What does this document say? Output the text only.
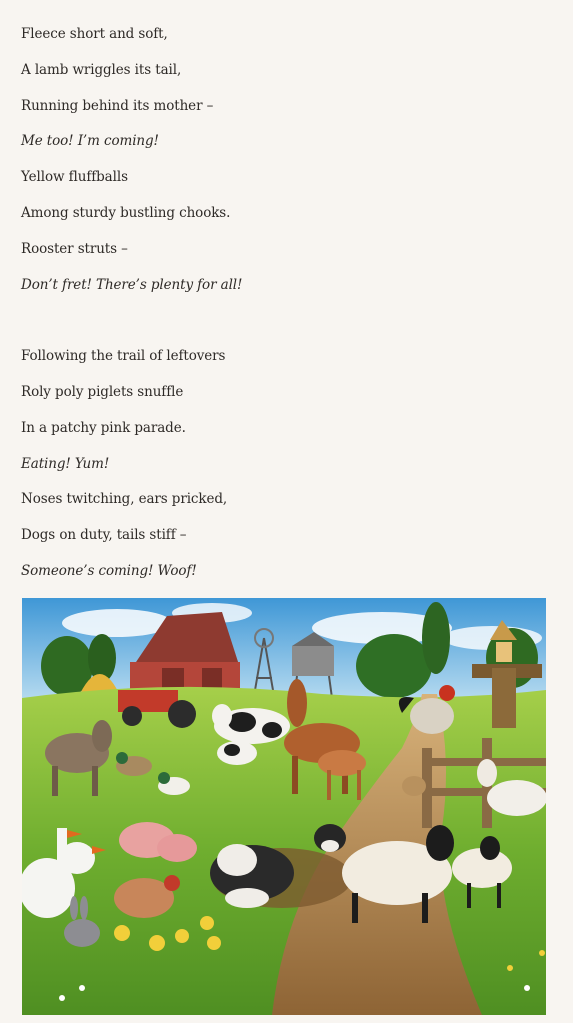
Fleece short and soft,
A lamb wriggles its tail,
Running behind its mother –
Me too! I’m coming!
Yellow fluffballs
Among sturdy bustling chooks.
Rooster struts –
Don’t fret! There’s plenty for all!
Following the trail of leftovers
Roly poly piglets snuffle
In a patchy pink parade.
Eating! Yum!
Noses twitching, ears pricked,
Dogs on duty, tails stiff –
Someone’s coming! Woof!
